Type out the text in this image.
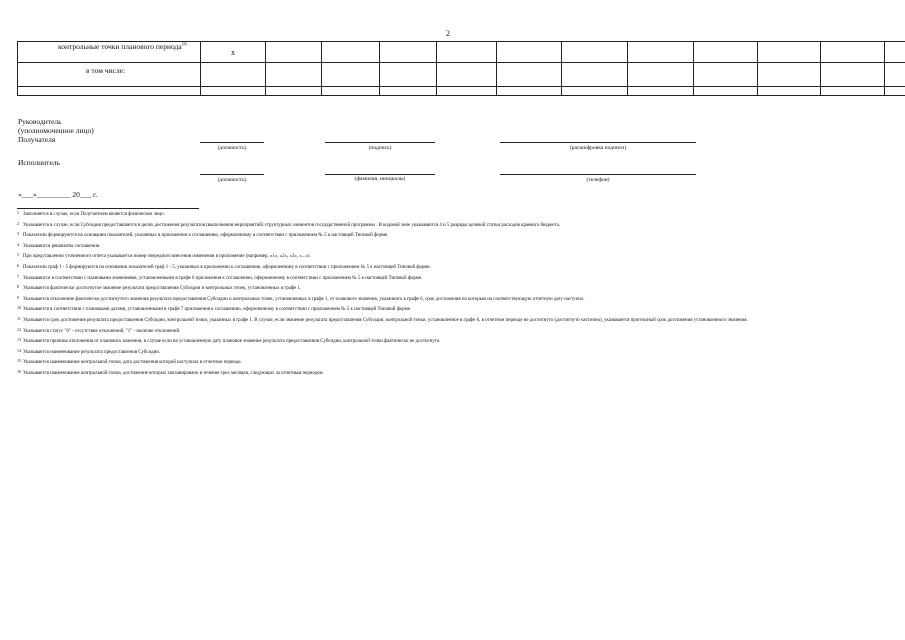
2
контрольные точки планового периода$^{16}$	х											
в том числе:												

Руководитель
(уполномоченное лицо)
Получателя
(должность)	(подпись)	(расшифровка подписи)
Исполнитель
(должность)	(фамилия, инициалы)	(телефон)
«___»_________ 20___ г.
1 Заполняется в случае, если Получателем является физическое лицо.
2 Указывается в случае, если Субсидия предоставляется в целях достижения результатов (выполнения мероприятий) структурных элементов государственной программы . В кодовой зоне указываются 4 и 5 разряды целевой статьи расходов краевого бюджета.
3 Показатели формируются на основании показателей, указанных в приложении к соглашению, оформленному в соответствии с приложением № 5 к настоящей Типовой форме.
4 Указываются реквизиты соглашения.
5 При представлении уточненного отчета указывается номер очередного внесения изменения в приложение (например, «1», «2», «3», «...»).
6 Показатели граф 1 - 5 формируются на основании показателей граф 1 - 5, указанных в приложении к соглашению, оформленному в соответствии с приложением № 5 к настоящей Типовой форме.
7 Указываются в соответствии с плановыми значениями, установленными в графе 6 приложения к соглашению, оформленному в соответствии с приложением № 5 к настоящей Типовой форме.
8 Указывается фактически достигнутое значение результата предоставления Субсидии и контрольных точек, установленных в графе 1.
9 Указывается отклонение фактически достигнутого значения результата предоставления Субсидии и контрольных точек, установленных в графе 1, от планового значения, указанного в графе 6, срок достижения по которым на соответствующую отчетную дату наступил.
10 Указывается в соответствии с плановыми датами, установленными в графе 7 приложения к соглашению, оформленному в соответствии с приложением № 5 к настоящей Типовой форме.
11 Указывается срок достижения результата предоставления Субсидии, контрольной точки, указанных в графе 1. В случае, если значение результата предоставления Субсидии, контрольной точки, установленное в графе 6, в отчетном периоде не достигнуто (достигнуто частично), указывается прогнозный срок достижения установленного значения.
12 Указывается статус "0" - отсутствие отклонений, "1" - наличие отклонений.
13 Указывается причина отклонения от планового значения, в случае если на установленную дату плановое значение результата предоставления Субсидии, контрольной точки фактически не достигнуто.
14 Указывается наименование результата предоставления Субсидии.
15 Указывается наименование контрольной точки, дата достижения которой наступила в отчетном периоде.
16 Указывается наименование контрольной точки, достижение которых запланировано в течение трех месяцев, следующих за отчетным периодом.
